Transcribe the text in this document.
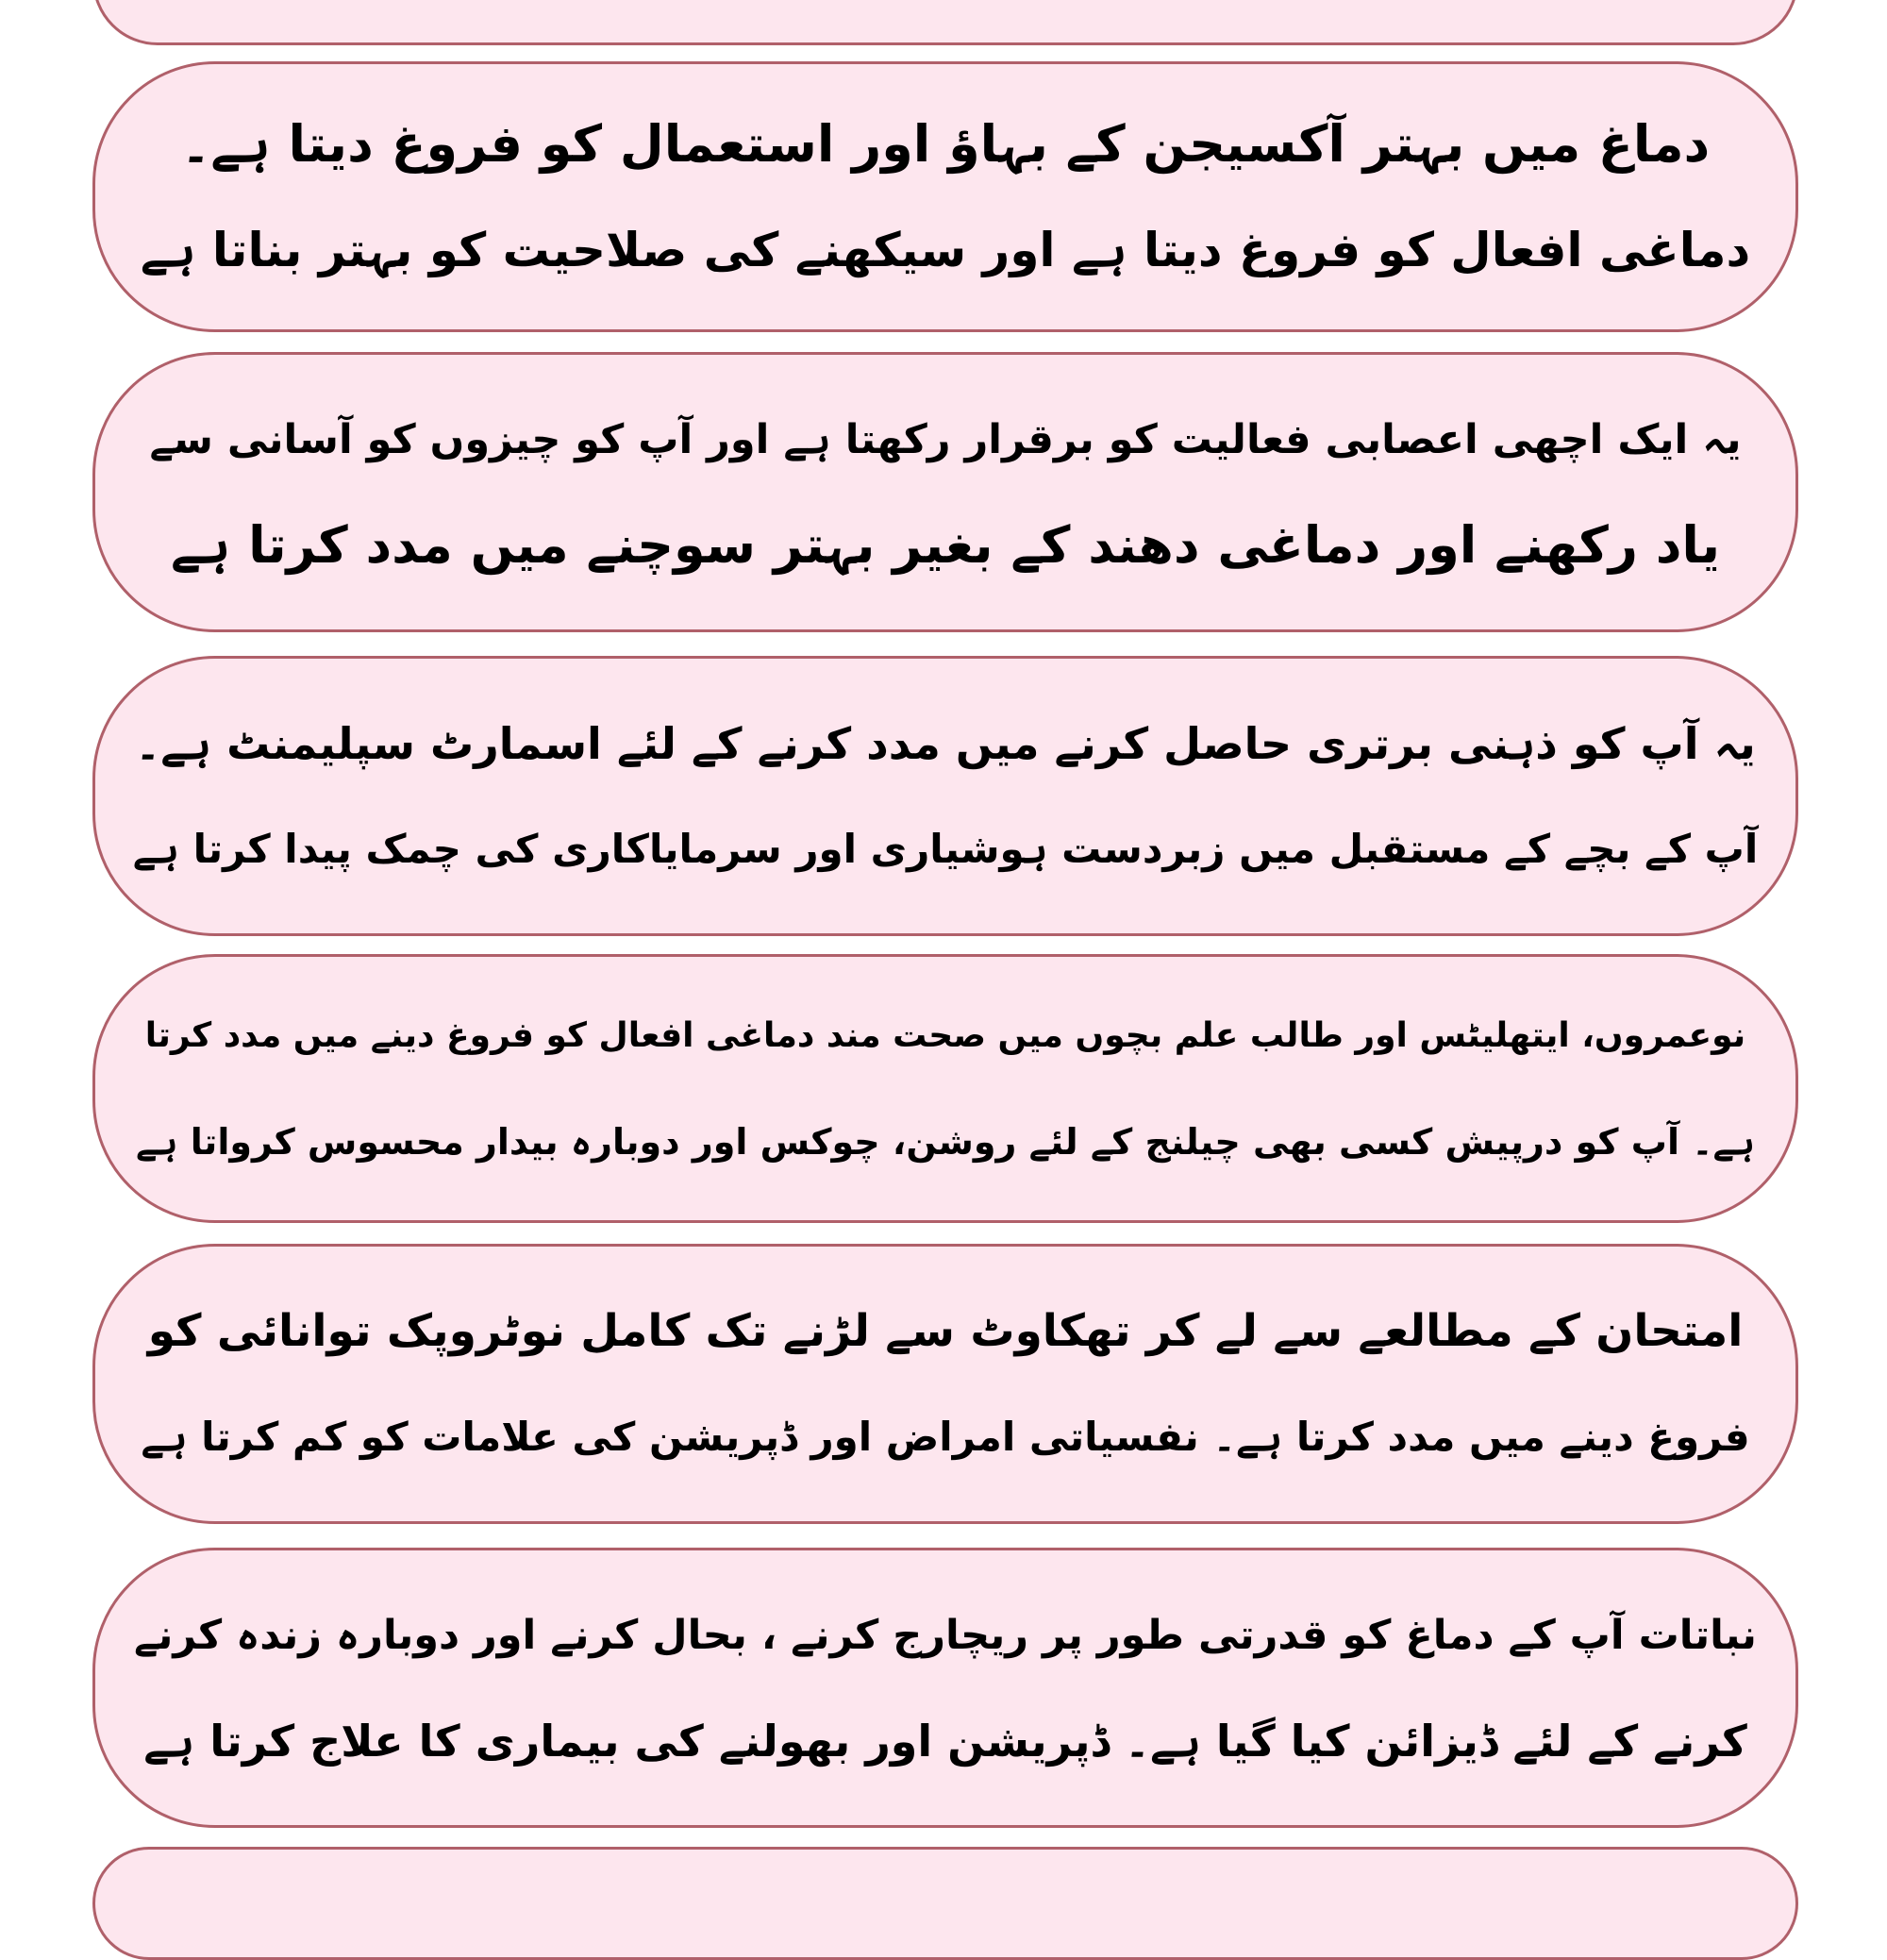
دماغ میں بہتر آکسیجن کے بہاؤ اور استعمال کو فروغ دیتا ہے۔
دماغی افعال کو فروغ دیتا ہے اور سیکھنے کی صلاحیت کو بہتر بناتا ہے
یہ ایک اچھی اعصابی فعالیت کو برقرار رکھتا ہے اور آپ کو چیزوں کو آسانی سے
یاد رکھنے اور دماغی دھند کے بغیر بہتر سوچنے میں مدد کرتا ہے
یہ آپ کو ذہنی برتری حاصل کرنے میں مدد کرنے کے لئے اسمارٹ سپلیمنٹ ہے۔
آپ کے بچے کے مستقبل میں زبردست ہوشیاری اور سرمایاکاری کی چمک پیدا کرتا ہے
نوعمروں، ایتھلیٹس اور طالب علم بچوں میں صحت مند دماغی افعال کو فروغ دینے میں مدد کرتا
ہے۔ آپ کو درپیش کسی بھی چیلنج کے لئے روشن، چوکس اور دوبارہ بیدار محسوس کرواتا ہے
امتحان کے مطالعے سے لے کر تھکاوٹ سے لڑنے تک کامل نوٹروپک توانائی کو
فروغ دینے میں مدد کرتا ہے۔ نفسیاتی امراض اور ڈپریشن کی علامات کو کم کرتا ہے
نباتات آپ کے دماغ کو قدرتی طور پر ریچارج کرنے ، بحال کرنے اور دوبارہ زندہ کرنے
کرنے کے لئے ڈیزائن کیا گیا ہے۔ ڈپریشن اور بھولنے کی بیماری کا علاج کرتا ہے
